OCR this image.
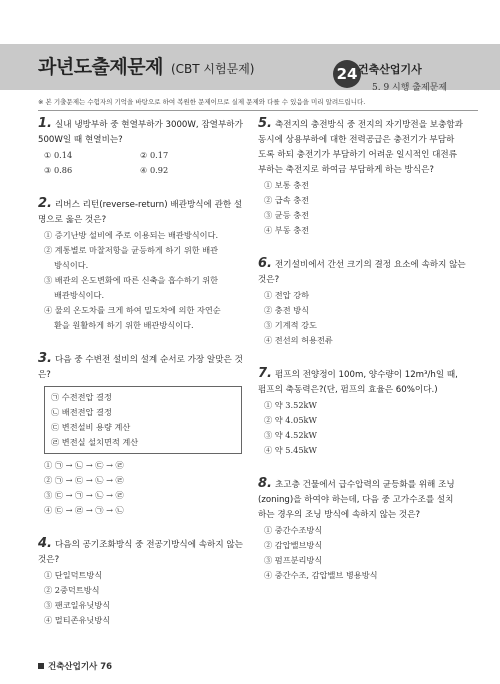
과년도출제문제 (CBT 시험문제)	24 건축산업기사
5. 9 시행 출제문제
※ 본 기출문제는 수험자의 기억을 바탕으로 하여 복원한 문제이므로 실제 문제와 다를 수 있음을 미리 알려드립니다.
1. 실내 냉방부하 중 현열부하가 3000W, 잠열부하가
500W일 때 현열비는?
① 0.14	② 0.17
③ 0.86	④ 0.92
2. 리버스 리턴(reverse-return) 배관방식에 관한 설
명으로 옳은 것은?
① 증기난방 설비에 주로 이용되는 배관방식이다.
② 계통별로 마찰저항을 균등하게 하기 위한 배관
방식이다.
③ 배관의 온도변화에 따른 신축을 흡수하기 위한
배관방식이다.
④ 물의 온도차를 크게 하여 밀도차에 의한 자연순
환을 원활하게 하기 위한 배관방식이다.
3. 다음 중 수변전 설비의 설계 순서로 가장 알맞은 것
은?
㉠ 수전전압 결정
㉡ 배전전압 결정
㉢ 변전설비 용량 계산
㉣ 변전실 설치면적 계산
① ㉠ → ㉡ → ㉢ → ㉣
② ㉠ → ㉢ → ㉡ → ㉣
③ ㉢ → ㉠ → ㉡ → ㉣
④ ㉢ → ㉣ → ㉠ → ㉡
4. 다음의 공기조화방식 중 전공기방식에 속하지 않는
것은?
① 단일덕트방식
② 2중덕트방식
③ 팬코일유닛방식
④ 멀티존유닛방식
5. 축전지의 충전방식 중 전지의 자기방전을 보충함과
동시에 상용부하에 대한 전력공급은 충전기가 부담하
도록 하되 충전기가 부담하기 어려운 일시적인 대전류
부하는 축전지로 하여금 부담하게 하는 방식은?
① 보통 충전
② 급속 충전
③ 균등 충전
④ 부동 충전
6. 전기설비에서 간선 크기의 결정 요소에 속하지 않는
것은?
① 전압 강하
② 충전 방식
③ 기계적 강도
④ 전선의 허용전류
7. 펌프의 전양정이 100m, 양수량이 12m³/h일 때,
펌프의 축동력은?(단, 펌프의 효율은 60%이다.)
① 약 3.52kW
② 약 4.05kW
③ 약 4.52kW
④ 약 5.45kW
8. 초고층 건물에서 급수압력의 균등화를 위해 조닝
(zoning)을 하여야 하는데, 다음 중 고가수조를 설치
하는 경우의 조닝 방식에 속하지 않는 것은?
① 중간수조방식
② 감압밸브방식
③ 펌프분리방식
④ 중간수조, 감압밸브 병용방식
건축산업기사 76
